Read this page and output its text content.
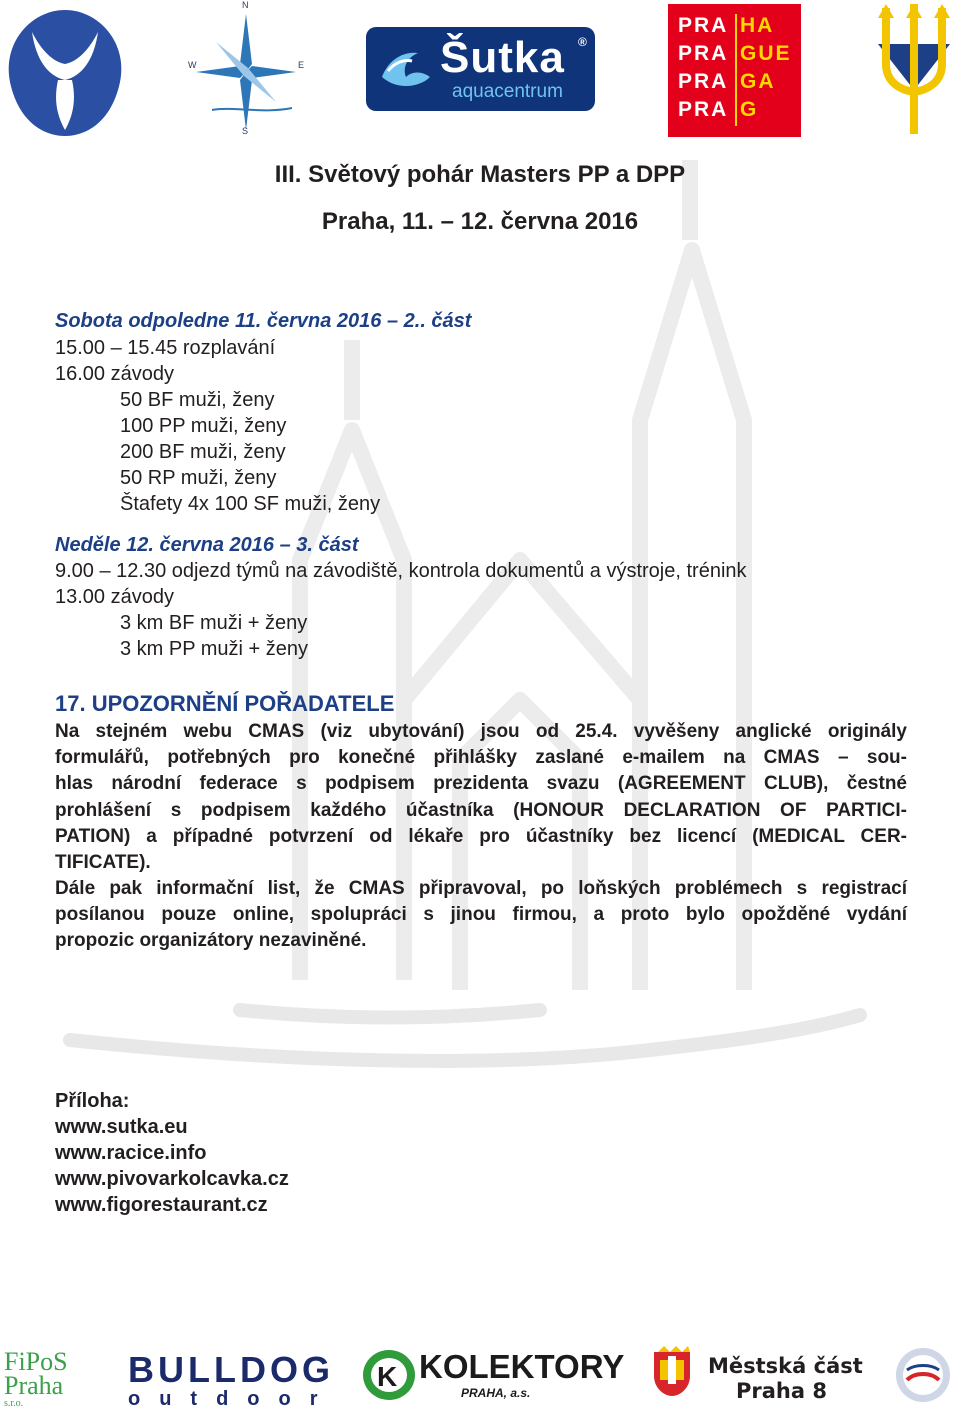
N
S
W	E	Šutka ®
aquacentrum
PRA
PRA
PRA
PRA
HA
GUE
GA
G
III. Světový pohár Masters PP a DPP
Praha, 11. – 12. června 2016
Sobota odpoledne 11. června 2016 – 2.. část
15.00 – 15.45 rozplavání
16.00 závody
50 BF muži, ženy
100 PP muži, ženy
200 BF muži, ženy
50 RP muži, ženy
Štafety 4x 100 SF muži, ženy
Neděle 12. června 2016 – 3. část
9.00 – 12.30 odjezd týmů na závodiště, kontrola dokumentů a výstroje, trénink
13.00 závody
3 km BF muži + ženy
3 km PP muži + ženy
17. UPOZORNĚNÍ POŘADATELE
Na stejném webu CMAS (viz ubytování) jsou od 25.4. vyvěšeny anglické originály
formulářů, potřebných pro konečné přihlášky zaslané e-mailem na CMAS – sou-
hlas národní federace s podpisem prezidenta svazu (AGREEMENT CLUB), čestné
prohlášení s podpisem každého účastníka (HONOUR DECLARATION OF PARTICI-
PATION) a případné potvrzení od lékaře pro účastníky bez licencí (MEDICAL CER-
TIFICATE).
Dále pak informační list, že CMAS připravoval, po loňských problémech s registrací
posílanou pouze online, spolupráci s jinou firmou, a proto bylo opožděné vydání
propozic organizátory nezaviněné.
Příloha:
www.sutka.eu
www.racice.info
www.pivovarkolcavka.cz
www.figorestaurant.cz
FiPoS
Praha
s.r.o.
BULLDOG
outdoor
K KOLEKTORY
PRAHA, a.s.
Městská část
Praha 8
